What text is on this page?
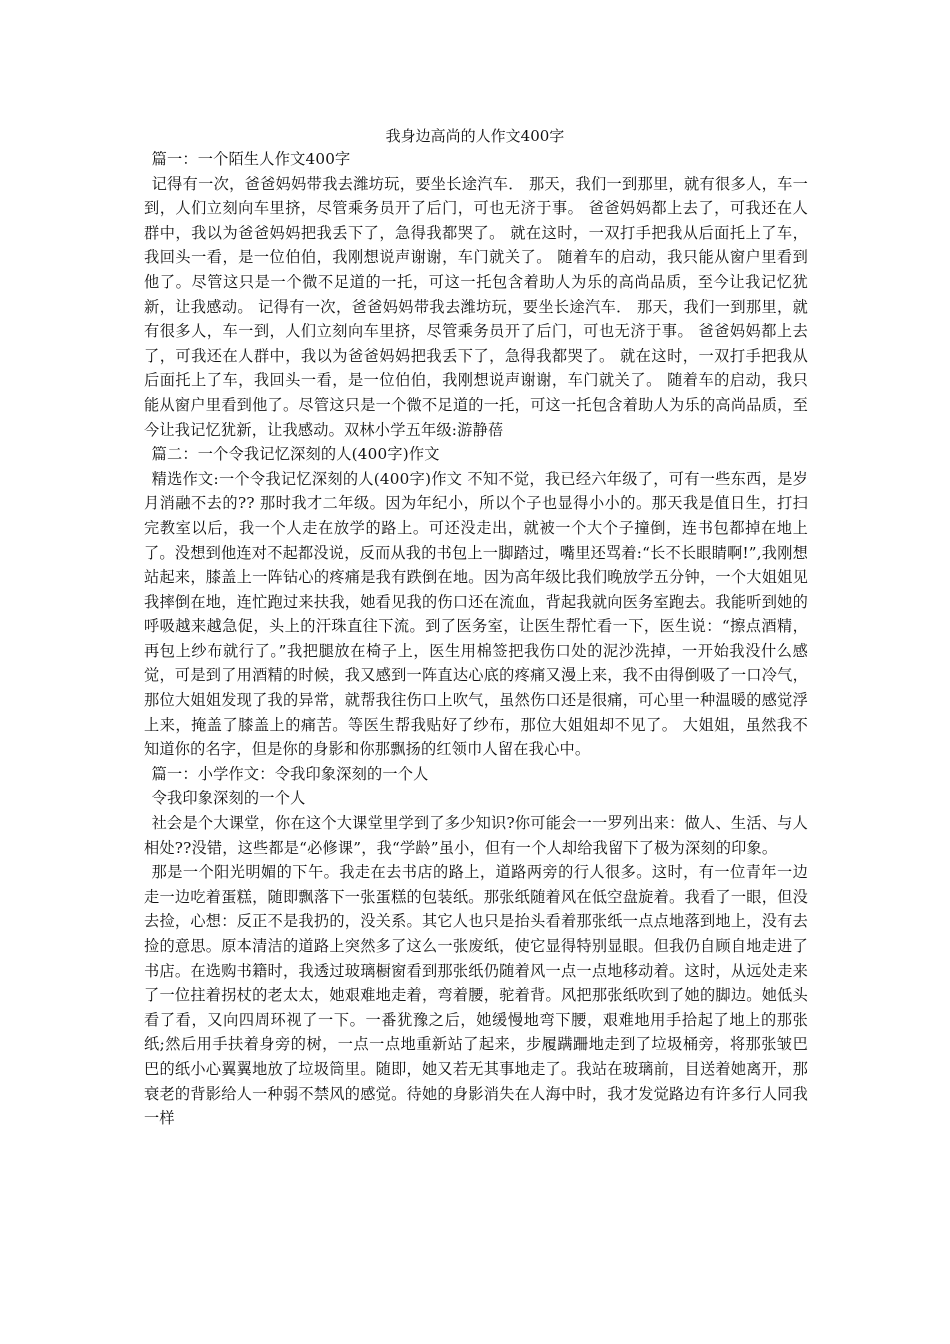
我身边高尚的人作文400字

篇一：一个陌生人作文400字

记得有一次，爸爸妈妈带我去潍坊玩，要坐长途汽车． 那天，我们一到那里，就有很多人，车一到，人们立刻向车里挤，尽管乘务员开了后门，可也无济于事。 爸爸妈妈都上去了，可我还在人群中，我以为爸爸妈妈把我丢下了，急得我都哭了。 就在这时，一双打手把我从后面托上了车，我回头一看，是一位伯伯，我刚想说声谢谢，车门就关了。 随着车的启动，我只能从窗户里看到他了。尽管这只是一个微不足道的一托，可这一托包含着助人为乐的高尚品质，至今让我记忆犹新，让我感动。 记得有一次，爸爸妈妈带我去潍坊玩，要坐长途汽车． 那天，我们一到那里，就有很多人，车一到，人们立刻向车里挤，尽管乘务员开了后门，可也无济于事。 爸爸妈妈都上去了，可我还在人群中，我以为爸爸妈妈把我丢下了，急得我都哭了。 就在这时，一双打手把我从后面托上了车，我回头一看，是一位伯伯，我刚想说声谢谢，车门就关了。 随着车的启动，我只能从窗户里看到他了。尽管这只是一个微不足道的一托，可这一托包含着助人为乐的高尚品质，至今让我记忆犹新，让我感动。双林小学五年级:游静蓓

篇二：一个令我记忆深刻的人(400字)作文

精选作文:一个令我记忆深刻的人(400字)作文 不知不觉，我已经六年级了，可有一些东西，是岁月消融不去的?? 那时我才二年级。因为年纪小，所以个子也显得小小的。那天我是值日生，打扫完教室以后，我一个人走在放学的路上。可还没走出，就被一个大个子撞倒，连书包都掉在地上了。没想到他连对不起都没说，反而从我的书包上一脚踏过，嘴里还骂着:“长不长眼睛啊!”,我刚想站起来，膝盖上一阵钻心的疼痛是我有跌倒在地。因为高年级比我们晚放学五分钟，一个大姐姐见我摔倒在地，连忙跑过来扶我，她看见我的伤口还在流血，背起我就向医务室跑去。我能听到她的呼吸越来越急促，头上的汗珠直往下流。到了医务室，让医生帮忙看一下，医生说：“擦点酒精，再包上纱布就行了。”我把腿放在椅子上，医生用棉签把我伤口处的泥沙洗掉，一开始我没什么感觉，可是到了用酒精的时候，我又感到一阵直达心底的疼痛又漫上来，我不由得倒吸了一口冷气，那位大姐姐发现了我的异常，就帮我往伤口上吹气，虽然伤口还是很痛，可心里一种温暖的感觉浮上来，掩盖了膝盖上的痛苦。等医生帮我贴好了纱布，那位大姐姐却不见了。 大姐姐，虽然我不知道你的名字，但是你的身影和你那飘扬的红领巾人留在我心中。

篇一：小学作文：令我印象深刻的一个人

令我印象深刻的一个人

社会是个大课堂，你在这个大课堂里学到了多少知识?你可能会一一罗列出来：做人、生活、与人相处??没错，这些都是“必修课”，我“学龄”虽小，但有一个人却给我留下了极为深刻的印象。

那是一个阳光明媚的下午。我走在去书店的路上，道路两旁的行人很多。这时，有一位青年一边走一边吃着蛋糕，随即飘落下一张蛋糕的包装纸。那张纸随着风在低空盘旋着。我看了一眼，但没去捡，心想：反正不是我扔的，没关系。其它人也只是抬头看着那张纸一点点地落到地上，没有去捡的意思。原本清洁的道路上突然多了这么一张废纸，使它显得特别显眼。但我仍自顾自地走进了书店。在选购书籍时，我透过玻璃橱窗看到那张纸仍随着风一点一点地移动着。这时，从远处走来了一位拄着拐杖的老太太，她艰难地走着，弯着腰，驼着背。风把那张纸吹到了她的脚边。她低头看了看，又向四周环视了一下。一番犹豫之后，她缓慢地弯下腰，艰难地用手拾起了地上的那张纸;然后用手扶着身旁的树，一点一点地重新站了起来，步履蹒跚地走到了垃圾桶旁，将那张皱巴巴的纸小心翼翼地放了垃圾筒里。随即，她又若无其事地走了。我站在玻璃前，目送着她离开，那衰老的背影给人一种弱不禁风的感觉。待她的身影消失在人海中时，我才发觉路边有许多行人同我一样
